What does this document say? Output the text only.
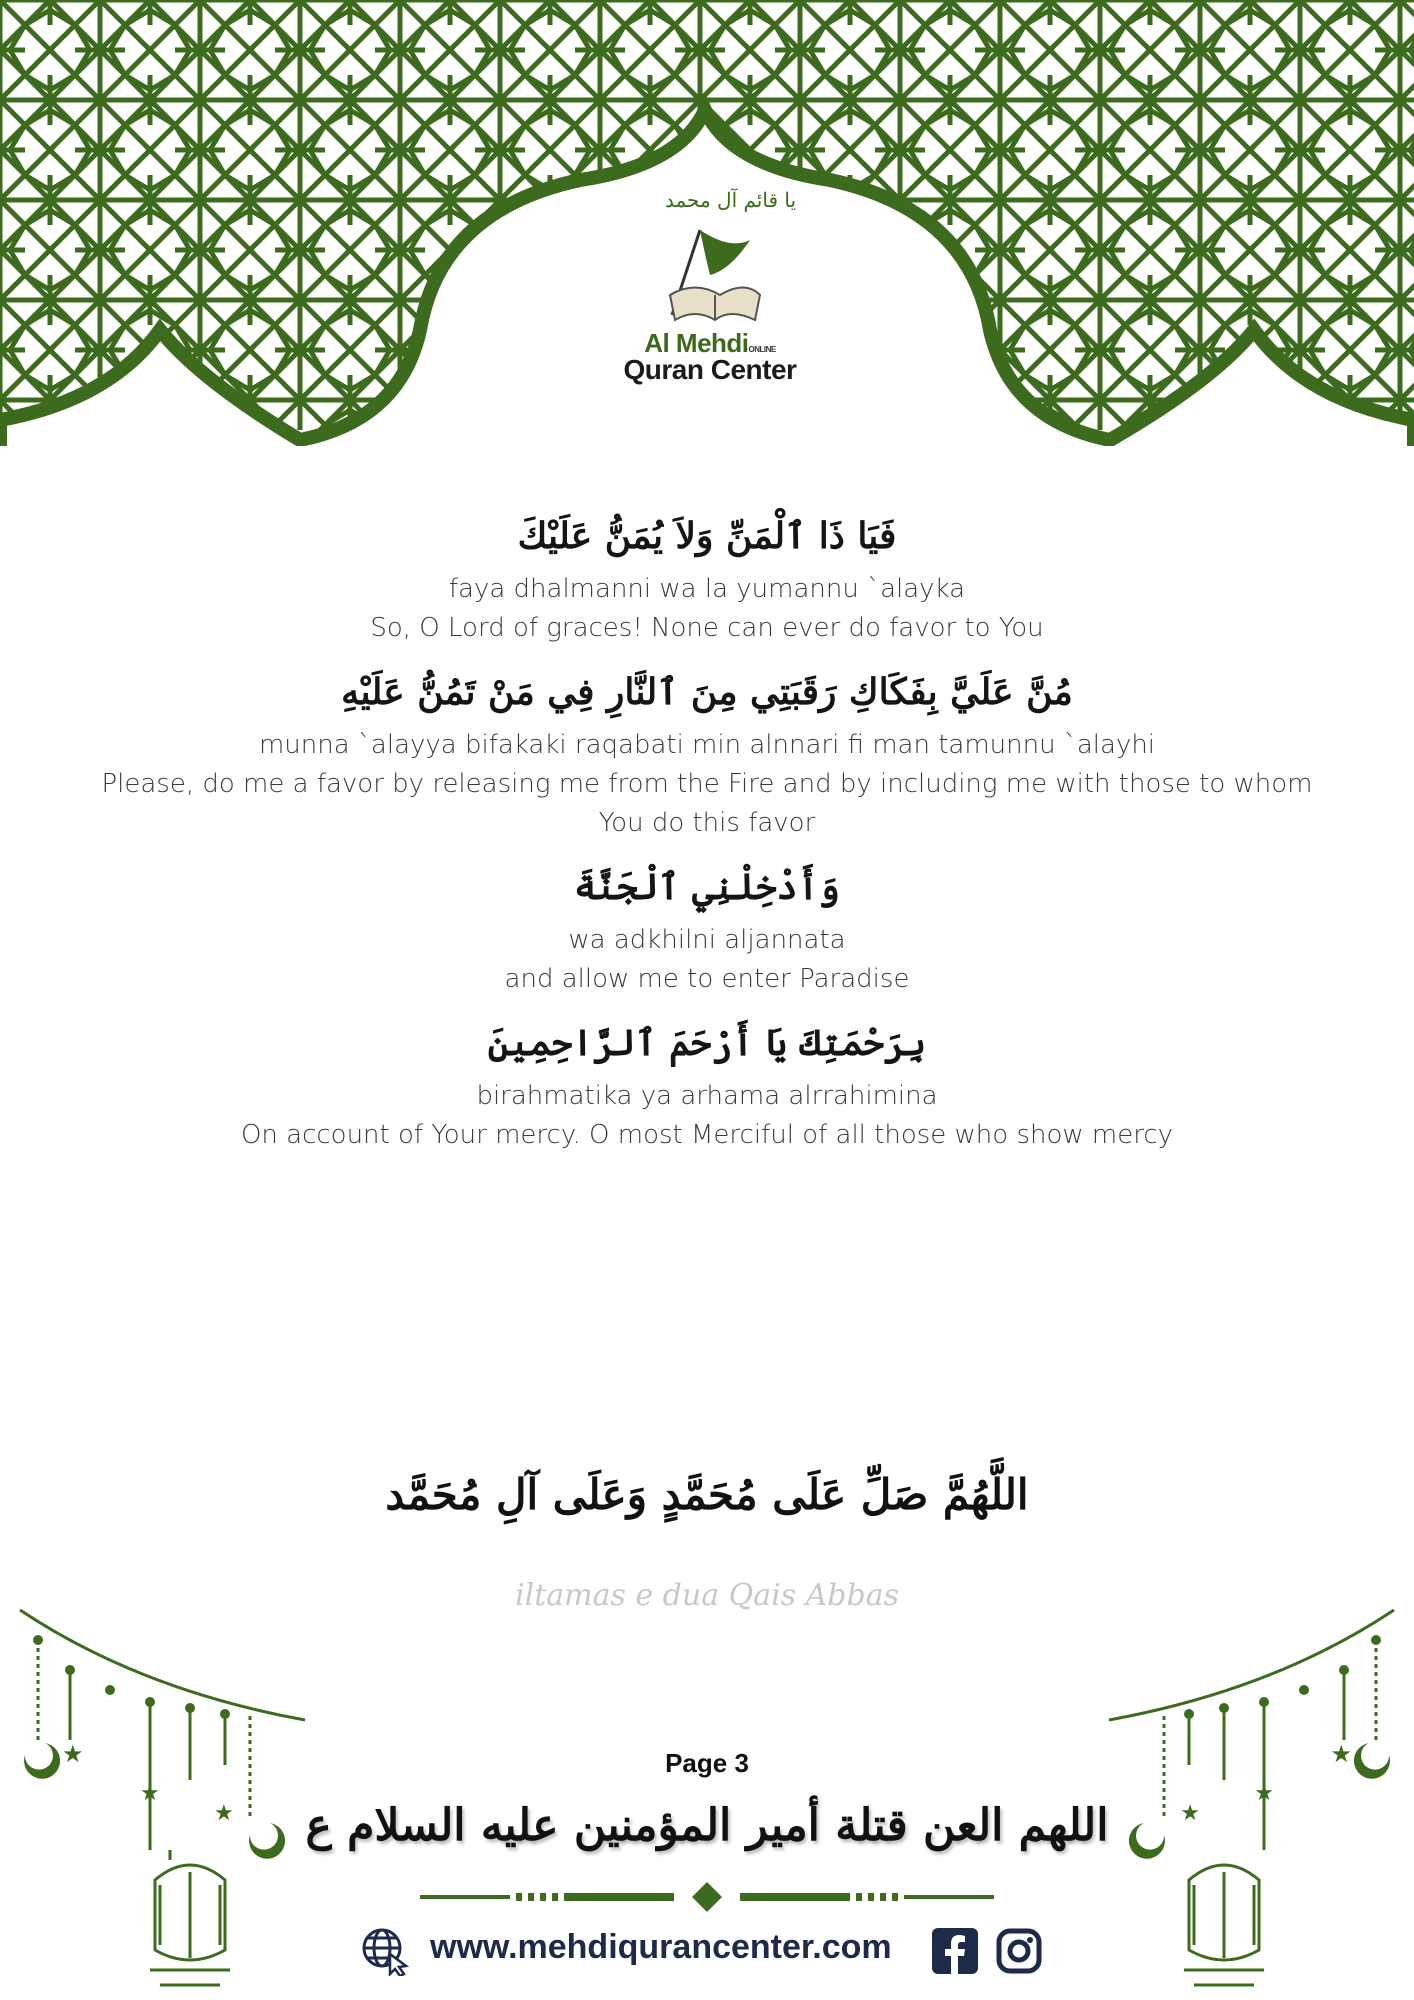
يا قائم آل محمد
Al MehdiONLINE
Quran Center
فَيَا ذَا ٱلْمَنِّ وَلاَ يُمَنُّ عَلَيْكَ
faya dhalmanni wa la yumannu `alayka
So, O Lord of graces! None can ever do favor to You
مُنَّ عَلَيَّ بِفَكَاكِ رَقَبَتِي مِنَ ٱلنَّارِ فِي مَنْ تَمُنُّ عَلَيْهِ
munna `alayya bifakaki raqabati min alnnari fi man tamunnu `alayhi
Please, do me a favor by releasing me from the Fire and by including me with those to whom You do this favor
وَأَدْخِلْنِي ٱلْجَنَّةَ
wa adkhilni aljannata
and allow me to enter Paradise
بِرَحْمَتِكَ يَا أَرْحَمَ ٱلرَّاحِمِينَ
birahmatika ya arhama alrrahimina
On account of Your mercy. O most Merciful of all those who show mercy
اللَّهُمَّ صَلِّ عَلَى مُحَمَّدٍ وَعَلَى آلِ مُحَمَّد
iltamas e dua Qais Abbas
★
★
★
★
★
★
Page 3
اللهم العن قتلة أمير المؤمنين عليه السلام ع
www.mehdiqurancenter.com
